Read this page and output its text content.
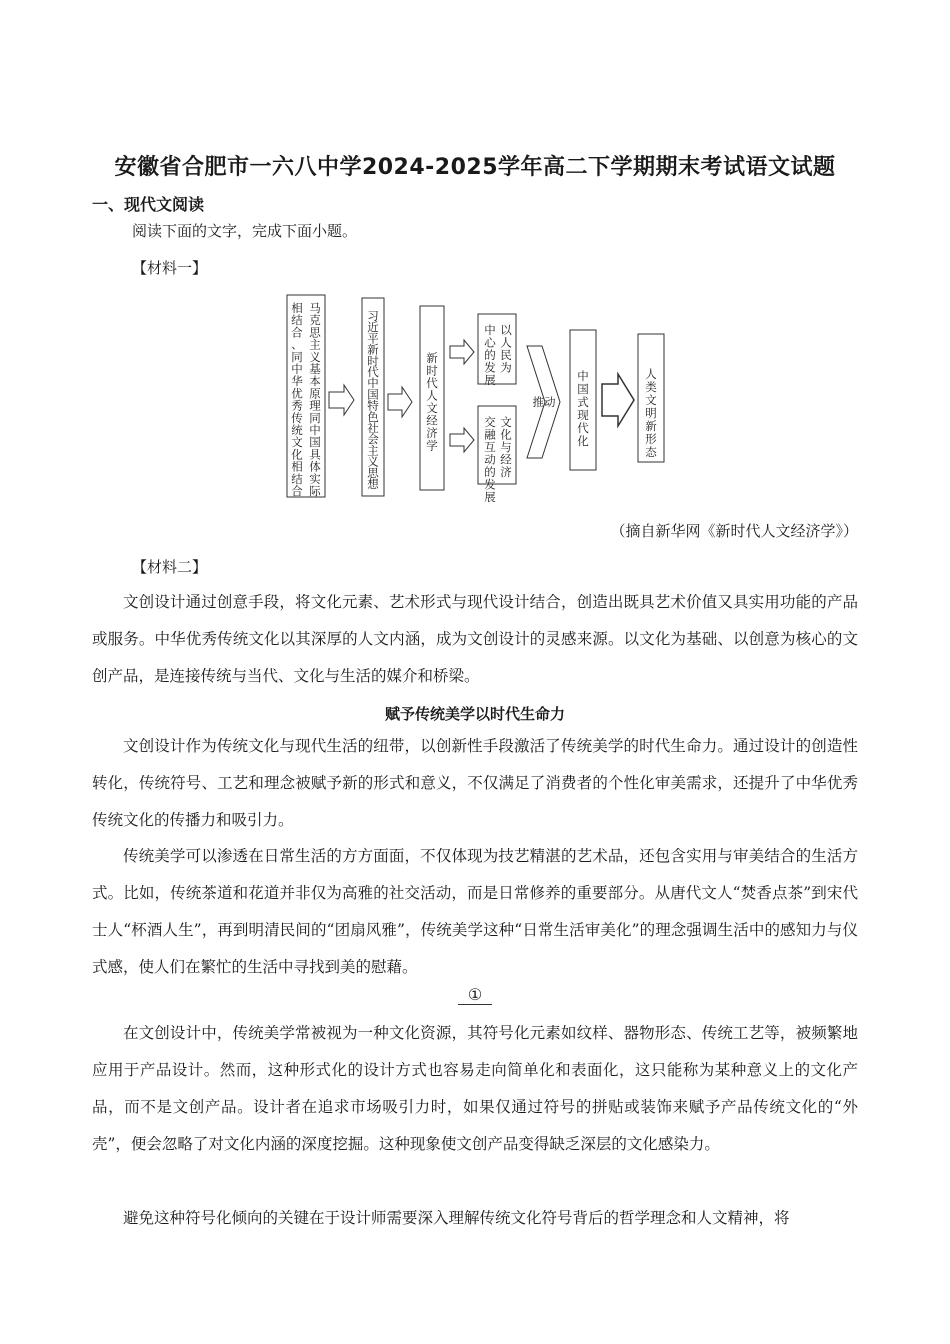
安徽省合肥市一六八中学2024-2025学年高二下学期期末考试语文试题
一、现代文阅读
阅读下面的文字，完成下面小题。
【材料一】
马克思主义基本原理同中国具体实际
相结合、同中华优秀传统文化相结合
习近平新时代中国特色社会主义思想
新时代人文经济学
以人民为
中心的发展
文化与经济
交融互动的发展
推动
中国式现代化
人类文明新形态
（摘自新华网《新时代人文经济学》）
【材料二】

文创设计通过创意手段，将文化元素、艺术形式与现代设计结合，创造出既具艺术价值又具实用功能的产品或服务。中华优秀传统文化以其深厚的人文内涵，成为文创设计的灵感来源。以文化为基础、以创意为核心的文创产品，是连接传统与当代、文化与生活的媒介和桥梁。

赋予传统美学以时代生命力

文创设计作为传统文化与现代生活的纽带，以创新性手段激活了传统美学的时代生命力。通过设计的创造性转化，传统符号、工艺和理念被赋予新的形式和意义，不仅满足了消费者的个性化审美需求，还提升了中华优秀传统文化的传播力和吸引力。

传统美学可以渗透在日常生活的方方面面，不仅体现为技艺精湛的艺术品，还包含实用与审美结合的生活方式。比如，传统茶道和花道并非仅为高雅的社交活动，而是日常修养的重要部分。从唐代文人“焚香点茶”到宋代士人“杯酒人生”，再到明清民间的“团扇风雅”，传统美学这种“日常生活审美化”的理念强调生活中的感知力与仪式感，使人们在繁忙的生活中寻找到美的慰藉。

①

在文创设计中，传统美学常被视为一种文化资源，其符号化元素如纹样、器物形态、传统工艺等，被频繁地应用于产品设计。然而，这种形式化的设计方式也容易走向简单化和表面化，这只能称为某种意义上的文化产品，而不是文创产品。设计者在追求市场吸引力时，如果仅通过符号的拼贴或装饰来赋予产品传统文化的“外壳”，便会忽略了对文化内涵的深度挖掘。这种现象使文创产品变得缺乏深层的文化感染力。

避免这种符号化倾向的关键在于设计师需要深入理解传统文化符号背后的哲学理念和人文精神，将
